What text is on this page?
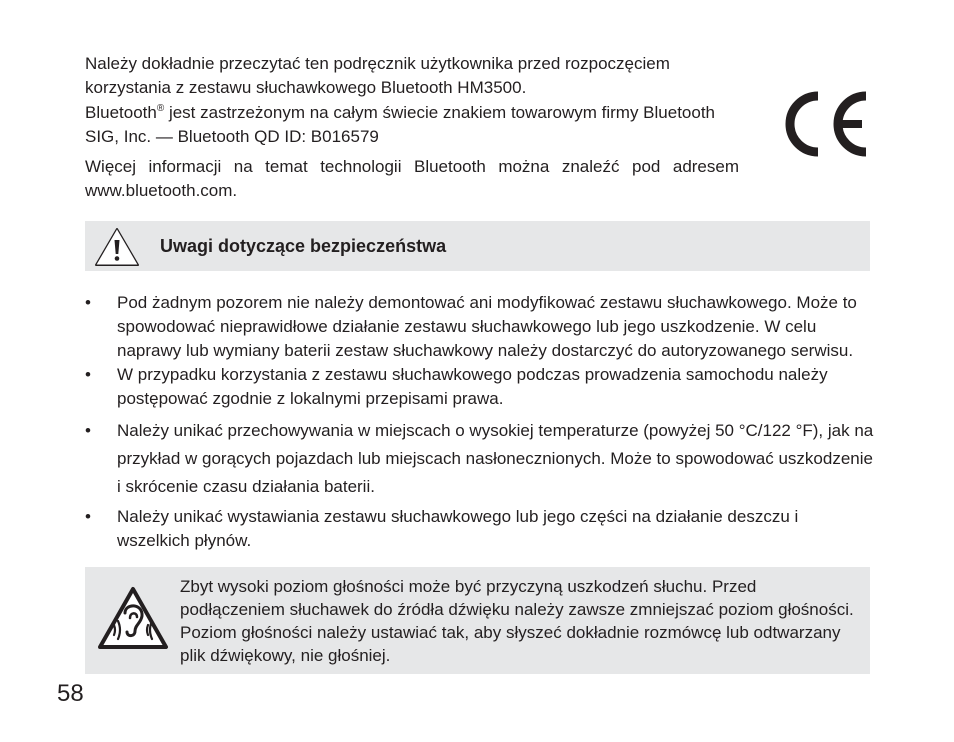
Należy dokładnie przeczytać ten podręcznik użytkownika przed rozpoczęciem korzystania z zestawu słuchawkowego Bluetooth HM3500.

Bluetooth® jest zastrzeżonym na całym świecie znakiem towarowym firmy Bluetooth SIG, Inc. — Bluetooth QD ID: B016579

Więcej informacji na temat technologii Bluetooth można znaleźć pod adresem www.bluetooth.com.

Uwagi dotyczące bezpieczeństwa
• Pod żadnym pozorem nie należy demontować ani modyfikować zestawu słuchawkowego. Może to spowodować nieprawidłowe działanie zestawu słuchawkowego lub jego uszkodzenie. W celu naprawy lub wymiany baterii zestaw słuchawkowy należy dostarczyć do autoryzowanego serwisu.
• W przypadku korzystania z zestawu słuchawkowego podczas prowadzenia samochodu należy postępować zgodnie z lokalnymi przepisami prawa.
• Należy unikać przechowywania w miejscach o wysokiej temperaturze (powyżej 50 °C/122 °F), jak na przykład w gorących pojazdach lub miejscach nasłonecznionych. Może to spowodować uszkodzenie i skrócenie czasu działania baterii.
• Należy unikać wystawiania zestawu słuchawkowego lub jego części na działanie deszczu i wszelkich płynów.
Zbyt wysoki poziom głośności może być przyczyną uszkodzeń słuchu. Przed podłączeniem słuchawek do źródła dźwięku należy zawsze zmniejszać poziom głośności. Poziom głośności należy ustawiać tak, aby słyszeć dokładnie rozmówcę lub odtwarzany plik dźwiękowy, nie głośniej.
58
